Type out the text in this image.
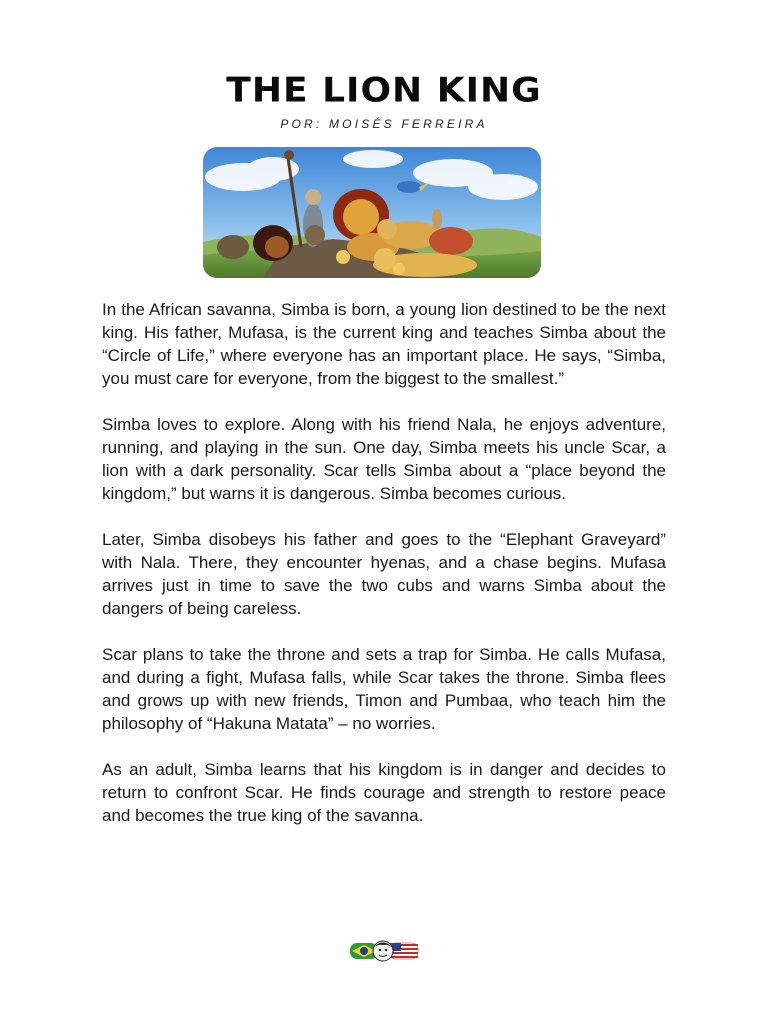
THE LION KING
POR: MOISÉS FERREIRA

In the African savanna, Simba is born, a young lion destined to be the next king. His father, Mufasa, is the current king and teaches Simba about the “Circle of Life,” where everyone has an important place. He says, “Simba, you must care for everyone, from the biggest to the smallest.”

Simba loves to explore. Along with his friend Nala, he enjoys adventure, running, and playing in the sun. One day, Simba meets his uncle Scar, a lion with a dark personality. Scar tells Simba about a “place beyond the kingdom,” but warns it is dangerous. Simba becomes curious.

Later, Simba disobeys his father and goes to the “Elephant Graveyard” with Nala. There, they encounter hyenas, and a chase begins. Mufasa arrives just in time to save the two cubs and warns Simba about the dangers of being careless.

Scar plans to take the throne and sets a trap for Simba. He calls Mufasa, and during a fight, Mufasa falls, while Scar takes the throne. Simba flees and grows up with new friends, Timon and Pumbaa, who teach him the philosophy of “Hakuna Matata” – no worries.

As an adult, Simba learns that his kingdom is in danger and decides to return to confront Scar. He finds courage and strength to restore peace and becomes the true king of the savanna.
